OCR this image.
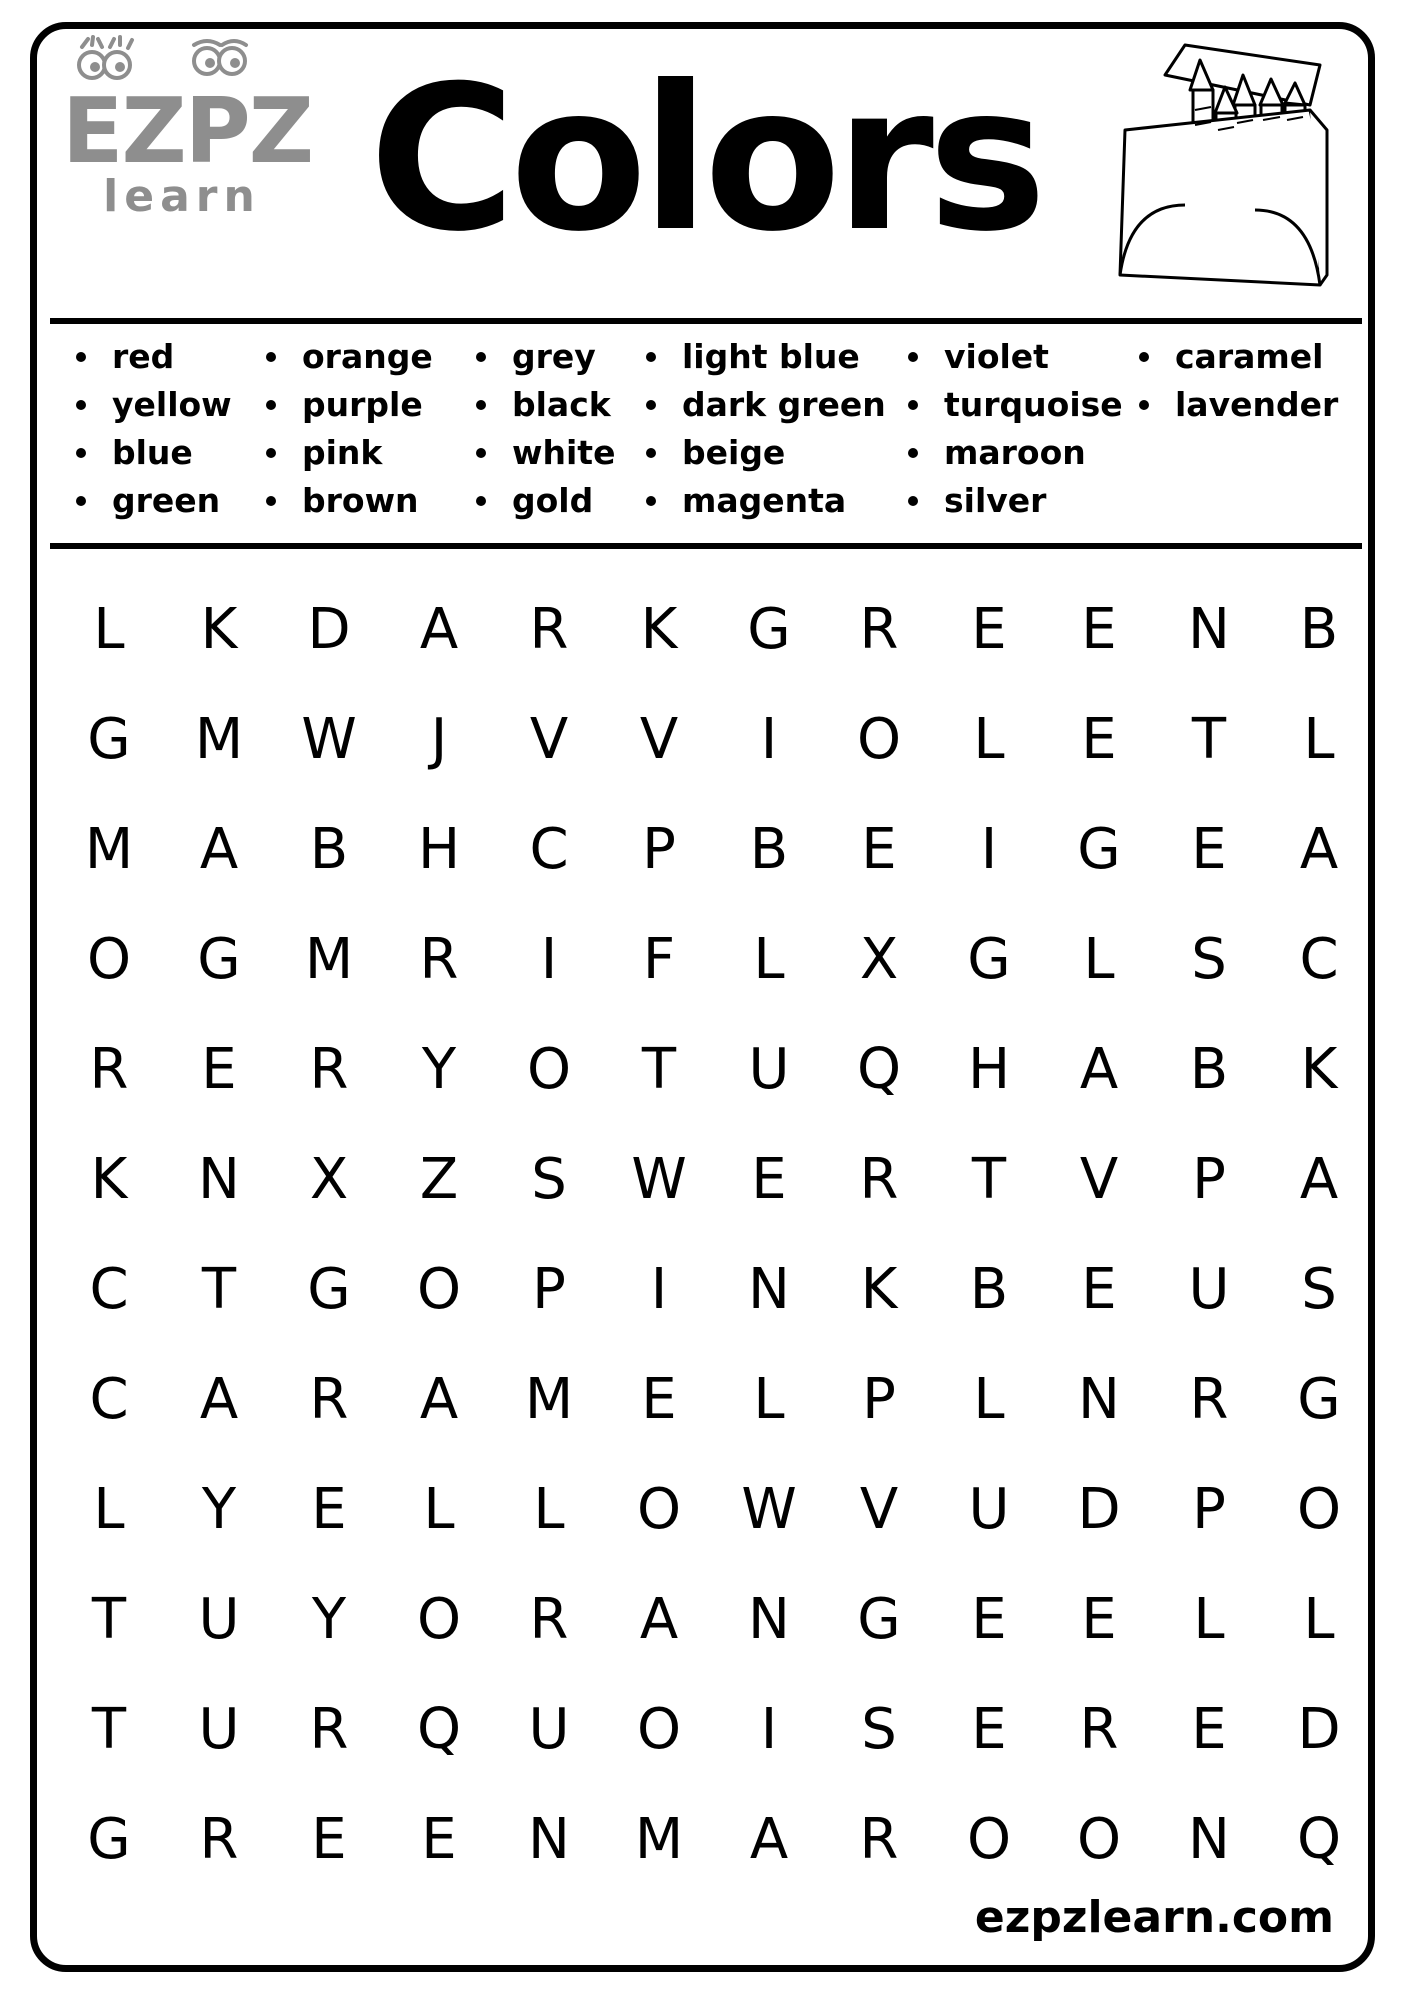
EZPZ
learn Colors
red
yellow
blue
green
orange
purple
pink
brown
grey
black
white
gold
light blue
dark green
beige
magenta
violet
turquoise
maroon
silver
caramel
lavender
L	K	D	A	R	K	G	R	E	E	N	B
G	M	W	J	V	V	I	O	L	E	T	L
M	A	B	H	C	P	B	E	I	G	E	A
O	G	M	R	I	F	L	X	G	L	S	C
R	E	R	Y	O	T	U	Q	H	A	B	K
K	N	X	Z	S	W	E	R	T	V	P	A
C	T	G	O	P	I	N	K	B	E	U	S
C	A	R	A	M	E	L	P	L	N	R	G
L	Y	E	L	L	O	W	V	U	D	P	O
T	U	Y	O	R	A	N	G	E	E	L	L
T	U	R	Q	U	O	I	S	E	R	E	D
G	R	E	E	N	M	A	R	O	O	N	Q
ezpzlearn.com
